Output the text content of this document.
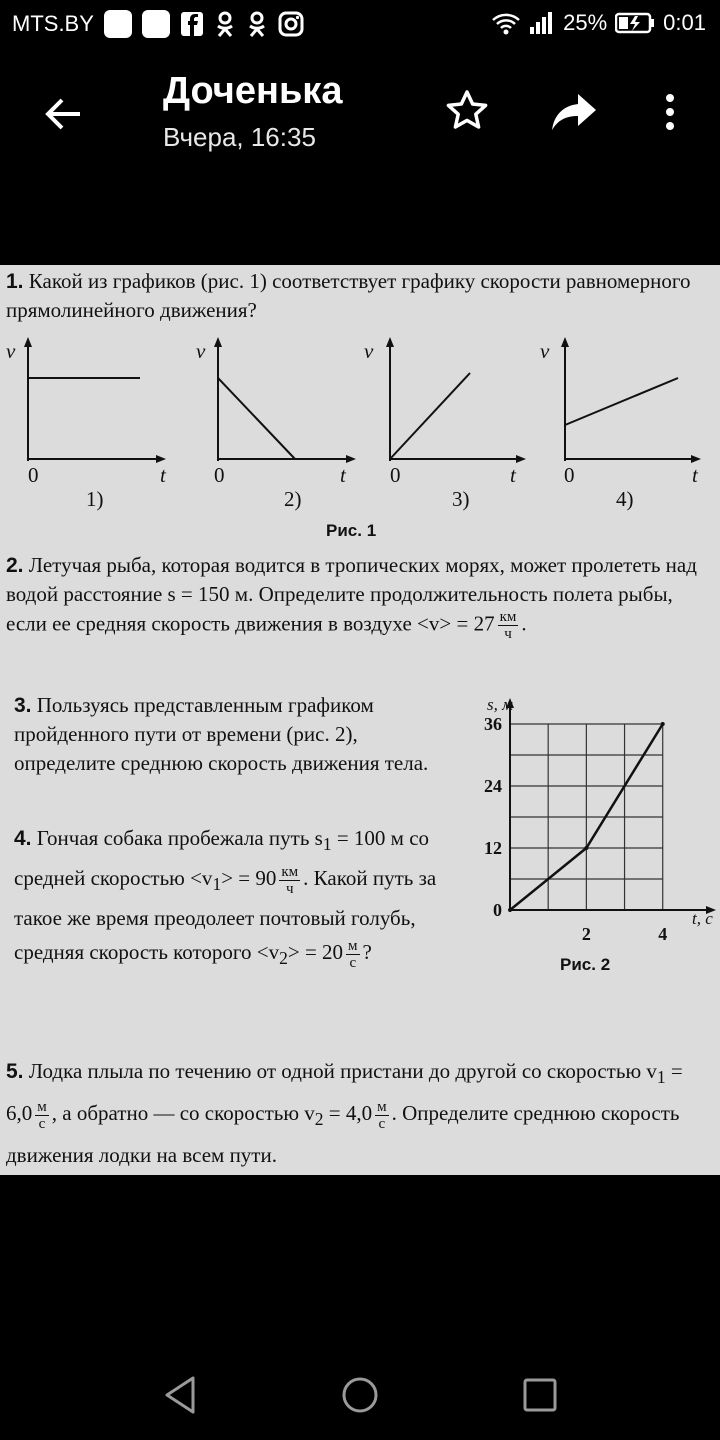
MTS.BY	25%	0:01
Доченька
Вчера, 16:35
1. Какой из графиков (рис. 1) соответствует графику скорости равномерного прямолинейного движения?
v
0	t
1)
v
0	t
2)
v
0	t
3)
v
0	t
4)
Рис. 1
2. Летучая рыба, которая водится в тропических морях, может пролететь над водой расстояние s = 150 м. Определите продолжительность полета рыбы, если ее средняя скорость движения в воздухе $<v> = 27 \frac{км}{ч}$ .
3. Пользуясь представленным графиком пройденного пути от времени (рис. 2), определите среднюю скорость движения тела.
4. Гончая собака пробежала путь $s_1 = 100$ м со средней скоростью $<v_1> = 90 \frac{км}{ч}$ . Какой путь за такое же время преодолеет почтовый голубь, средняя скорость которого $<v_2> = 20 \frac{м}{с}$ ?
12
24
36
2	4
0
s, м
t, c
Рис. 2
5. Лодка плыла по течению от одной пристани до другой со скоростью $v_1 = 6,0 \frac{м}{с}$ , а обратно — со скоростью $v_2 = 4,0 \frac{м}{с}$ . Определите среднюю скорость движения лодки на всем пути.
